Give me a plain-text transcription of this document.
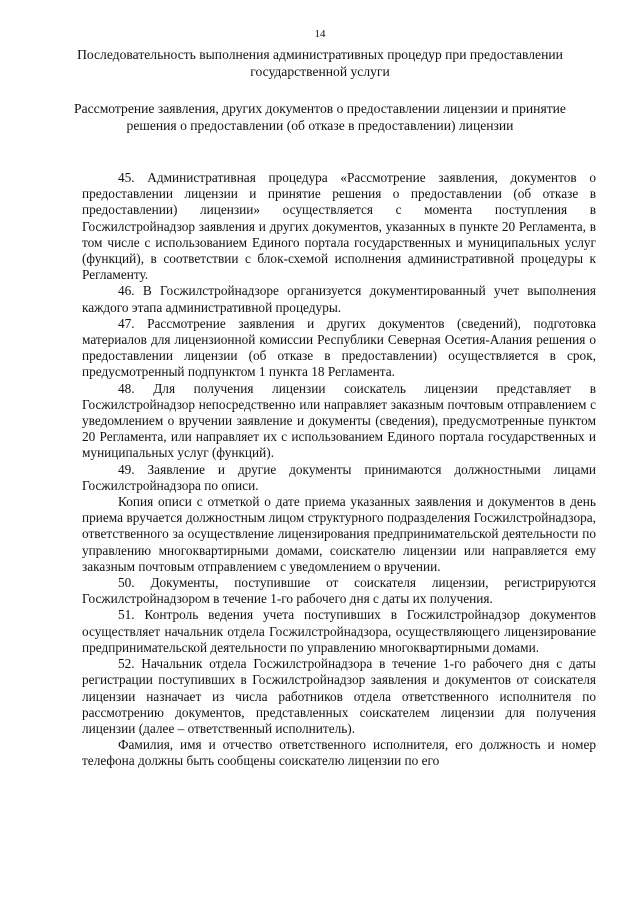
14
Последовательность выполнения административных процедур при предоставлении государственной услуги
Рассмотрение заявления, других документов о предоставлении лицензии и принятие решения о предоставлении (об отказе в предоставлении) лицензии

45. Административная процедура «Рассмотрение заявления, документов о предоставлении лицензии и принятие решения о предоставлении (об отказе в предоставлении) лицензии» осуществляется с момента поступления в Госжилстройнадзор заявления и других документов, указанных в пункте 20 Регламента, в том числе с использованием Единого портала государственных и муниципальных услуг (функций), в соответствии с блок-схемой исполнения административной процедуры к Регламенту.

46. В Госжилстройнадзоре организуется документированный учет выполнения каждого этапа административной процедуры.

47. Рассмотрение заявления и других документов (сведений), подготовка материалов для лицензионной комиссии Республики Северная Осетия-Алания решения о предоставлении лицензии (об отказе в предоставлении) осуществляется в срок, предусмотренный подпунктом 1 пункта 18 Регламента.

48. Для получения лицензии соискатель лицензии представляет в Госжилстройнадзор непосредственно или направляет заказным почтовым отправлением с уведомлением о вручении заявление и документы (сведения), предусмотренные пунктом 20 Регламента, или направляет их с использованием Единого портала государственных и муниципальных услуг (функций).

49. Заявление и другие документы принимаются должностными лицами Госжилстройнадзора по описи.

Копия описи с отметкой о дате приема указанных заявления и документов в день приема вручается должностным лицом структурного подразделения Госжилстройнадзора, ответственного за осуществление лицензирования предпринимательской деятельности по управлению многоквартирными домами, соискателю лицензии или направляется ему заказным почтовым отправлением с уведомлением о вручении.

50. Документы, поступившие от соискателя лицензии, регистрируются Госжилстройнадзором в течение 1-го рабочего дня с даты их получения.

51. Контроль ведения учета поступивших в Госжилстройнадзор документов осуществляет начальник отдела Госжилстройнадзора, осуществляющего лицензирование предпринимательской деятельности по управлению многоквартирными домами.

52. Начальник отдела Госжилстройнадзора в течение 1-го рабочего дня с даты регистрации поступивших в Госжилстройнадзор заявления и документов от соискателя лицензии назначает из числа работников отдела ответственного исполнителя по рассмотрению документов, представленных соискателем лицензии для получения лицензии (далее – ответственный исполнитель).

Фамилия, имя и отчество ответственного исполнителя, его должность и номер телефона должны быть сообщены соискателю лицензии по его
